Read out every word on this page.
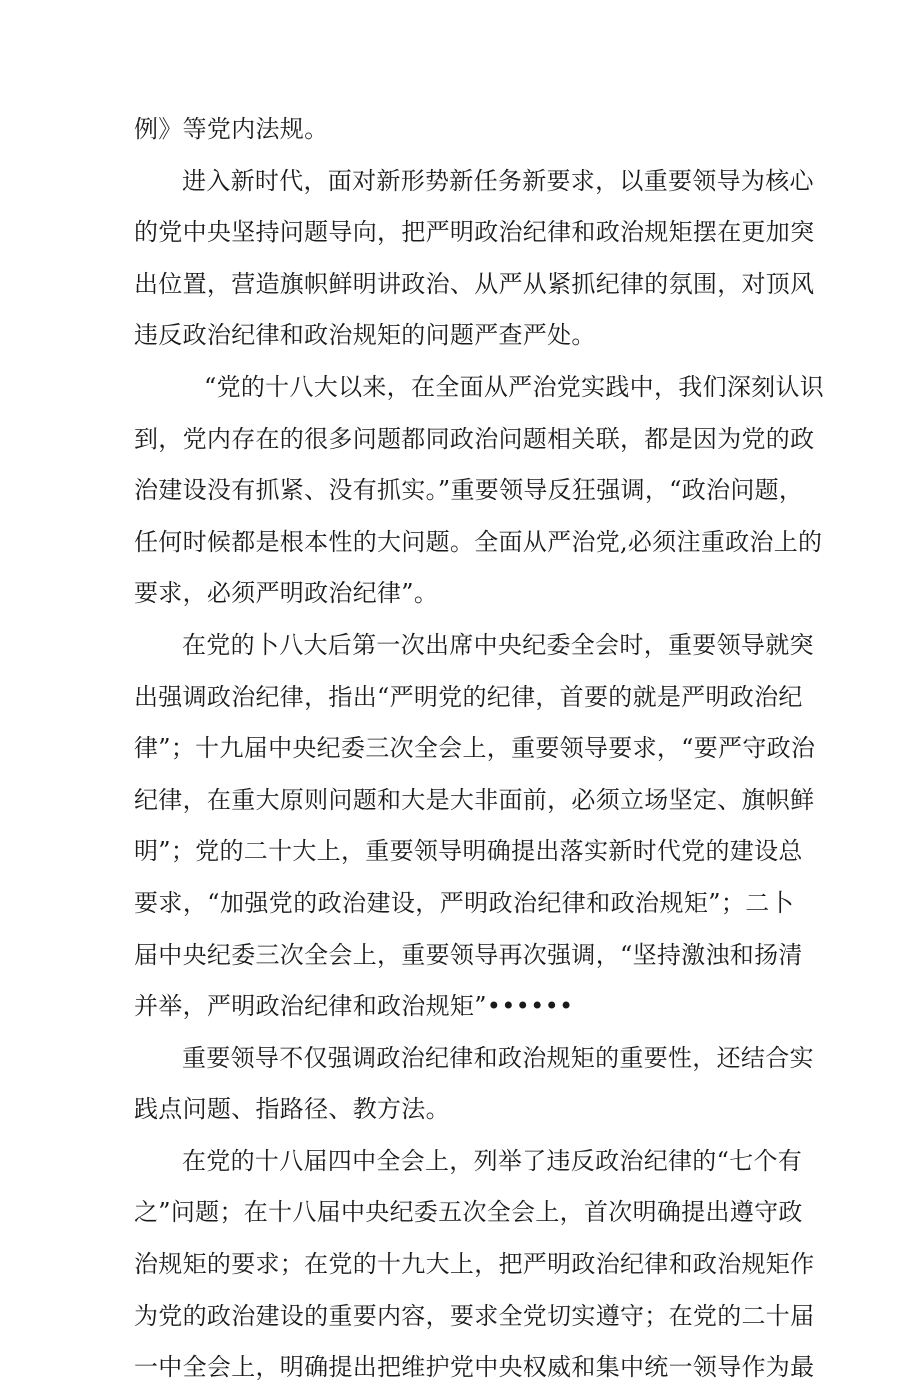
例》等党内法规。
进入新时代，面对新形势新任务新要求，以重要领导为核心
的党中央坚持问题导向，把严明政治纪律和政治规矩摆在更加突
出位置，营造旗帜鲜明讲政治、从严从紧抓纪律的氛围，对顶风
违反政治纪律和政治规矩的问题严查严处。
“党的十八大以来，在全面从严治党实践中，我们深刻认识
到，党内存在的很多问题都同政治问题相关联，都是因为党的政
治建设没有抓紧、没有抓实。”重要领导反狂强调，“政治问题，
任何时候都是根本性的大问题。全面从严治党,必须注重政治上的
要求，必须严明政治纪律”。
在党的卜八大后第一次出席中央纪委全会时，重要领导就突
出强调政治纪律，指出“严明党的纪律，首要的就是严明政治纪
律”；十九届中央纪委三次全会上，重要领导要求，“要严守政治
纪律，在重大原则问题和大是大非面前，必须立场坚定、旗帜鲜
明”；党的二十大上，重要领导明确提出落实新时代党的建设总
要求，“加强党的政治建设，严明政治纪律和政治规矩”；二卜
届中央纪委三次全会上，重要领导再次强调，“坚持激浊和扬清
并举，严明政治纪律和政治规矩”••••••
重要领导不仅强调政治纪律和政治规矩的重要性，还结合实
践点问题、指路径、教方法。
在党的十八届四中全会上，列举了违反政治纪律的“七个有
之”问题；在十八届中央纪委五次全会上，首次明确提出遵守政
治规矩的要求；在党的十九大上，把严明政治纪律和政治规矩作
为党的政治建设的重要内容，要求全党切实遵守；在党的二十届
一中全会上，明确提出把维护党中央权威和集中统一领导作为最
